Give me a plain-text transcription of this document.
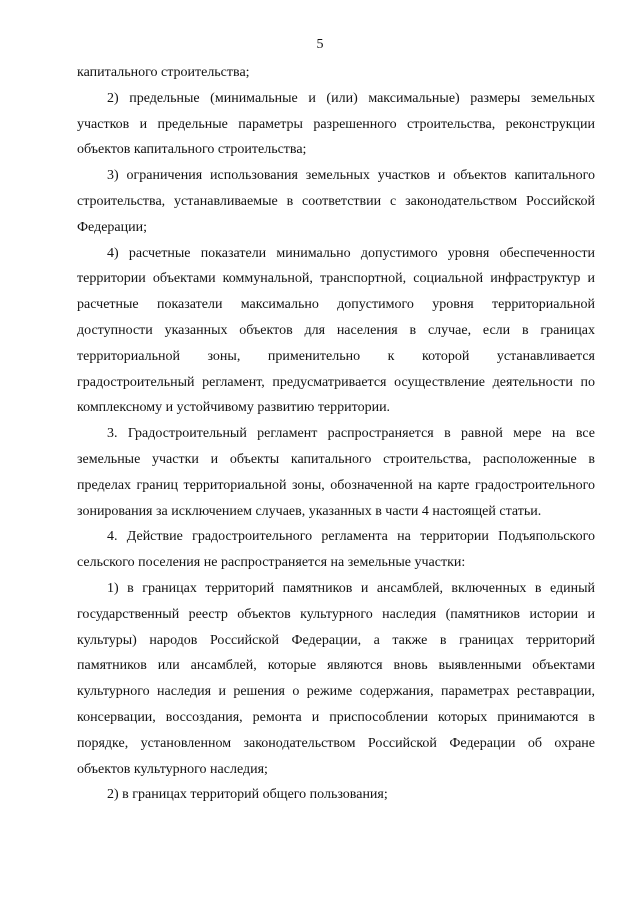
5

капитального строительства;

2) предельные (минимальные и (или) максимальные) размеры земельных участков и предельные параметры разрешенного строительства, реконструкции объектов капитального строительства;

3) ограничения использования земельных участков и объектов капитального строительства, устанавливаемые в соответствии с законодательством Российской Федерации;

4) расчетные показатели минимально допустимого уровня обеспеченности территории объектами коммунальной, транспортной, социальной инфраструктур и расчетные показатели максимально допустимого уровня территориальной доступности указанных объектов для населения в случае, если в границах территориальной зоны, применительно к которой устанавливается градостроительный регламент, предусматривается осуществление деятельности по комплексному и устойчивому развитию территории.

3. Градостроительный регламент распространяется в равной мере на все земельные участки и объекты капитального строительства, расположенные в пределах границ территориальной зоны, обозначенной на карте градостроительного зонирования за исключением случаев, указанных в части 4 настоящей статьи.

4. Действие градостроительного регламента на территории Подъяпольского сельского поселения не распространяется на земельные участки:

1) в границах территорий памятников и ансамблей, включенных в единый государственный реестр объектов культурного наследия (памятников истории и культуры) народов Российской Федерации, а также в границах территорий памятников или ансамблей, которые являются вновь выявленными объектами культурного наследия и решения о режиме содержания, параметрах реставрации, консервации, воссоздания, ремонта и приспособлении которых принимаются в порядке, установленном законодательством Российской Федерации об охране объектов культурного наследия;

2) в границах территорий общего пользования;
